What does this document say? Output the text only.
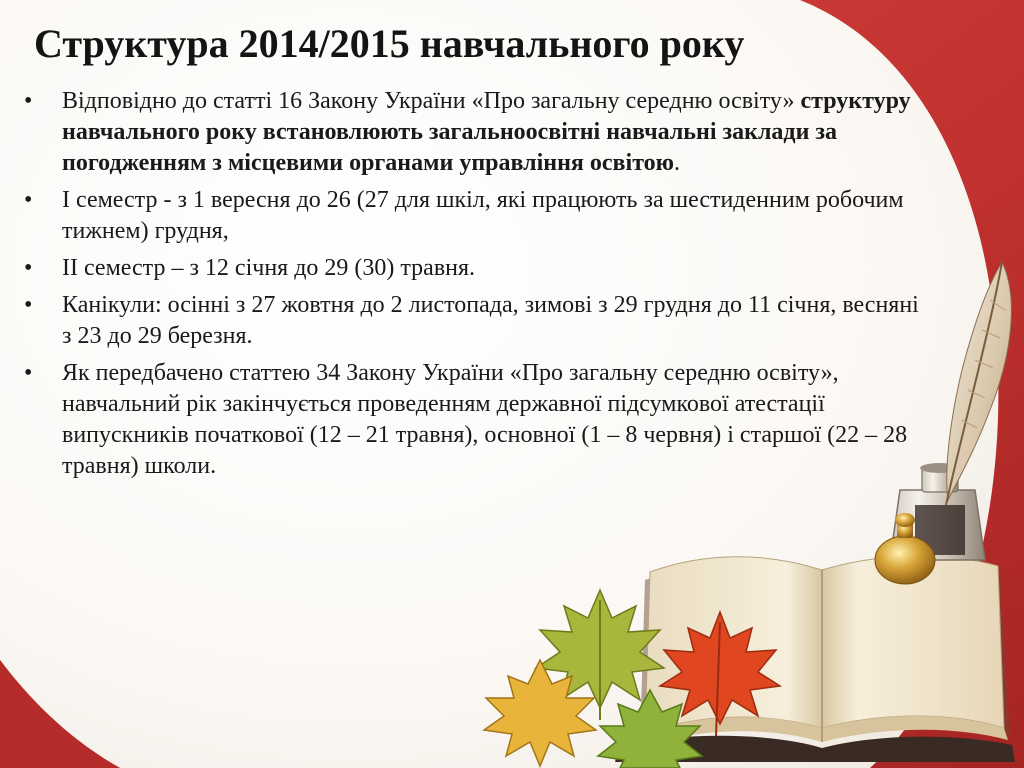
Структура 2014/2015 навчального року
• Відповідно до статті 16 Закону України «Про загальну середню освіту» структуру навчального року встановлюють загальноосвітні навчальні заклади за погодженням з місцевими органами управління освітою.
• І семестр - з 1 вересня до 26 (27 для шкіл, які працюють за шестиденним робочим тижнем) грудня,
• ІІ семестр – з 12 січня до 29 (30) травня.
• Канікули: осінні з 27 жовтня до 2 листопада, зимові з 29 грудня до 11 січня, весняні з 23 до 29 березня.
• Як передбачено статтею 34 Закону України «Про загальну середню освіту», навчальний рік закінчується проведенням державної підсумкової атестації випускників початкової (12 – 21 травня), основної (1 – 8 червня) і старшої (22 – 28 травня) школи.
